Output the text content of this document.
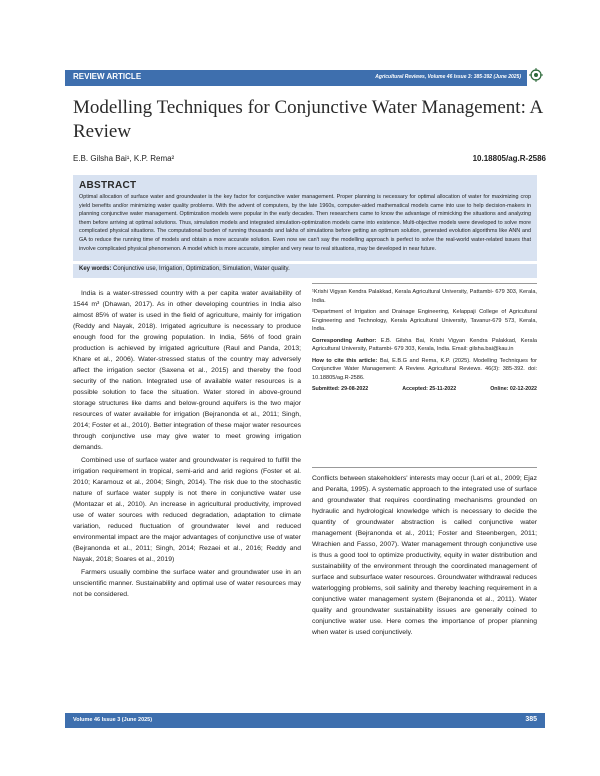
REVIEW ARTICLE	Agricultural Reviews, Volume 46 Issue 3: 385-392 (June 2025)
Modelling Techniques for Conjunctive Water Management: A Review
E.B. Gilsha Bai¹, K.P. Rema²	10.18805/ag.R-2586
ABSTRACT

Optimal allocation of surface water and groundwater is the key factor for conjunctive water management. Proper planning is necessary for optimal allocation of water for maximizing crop yield benefits and/or minimizing water quality problems. With the advent of computers, by the late 1960s, computer-aided mathematical models came into use to help decision-makers in planning conjunctive water management. Optimization models were popular in the early decades. Then researchers came to know the advantage of mimicking the situations and analyzing them before arriving at optimal solutions. Thus, simulation models and integrated simulation-optimization models came into existence. Multi-objective models were developed to solve more complicated physical situations. The computational burden of running thousands and lakhs of simulations before getting an optimum solution, generated evolution algorithms like ANN and GA to reduce the running time of models and obtain a more accurate solution. Even now we can't say the modelling approach is perfect to solve the real-world water-related issues that involve complicated physical phenomenon. A model which is more accurate, simpler and very near to real situations, may be developed in near future.

Key words: Conjunctive use, Irrigation, Optimization, Simulation, Water quality.

India is a water-stressed country with a per capita water availability of 1544 m³ (Dhawan, 2017). As in other developing countries in India also almost 85% of water is used in the field of agriculture, mainly for irrigation (Reddy and Nayak, 2018). Irrigated agriculture is necessary to produce enough food for the growing population. In India, 56% of food grain production is achieved by irrigated agriculture (Raul and Panda, 2013; Khare et al., 2006). Water-stressed status of the country may adversely affect the irrigation sector (Saxena et al., 2015) and thereby the food security of the nation. Integrated use of available water resources is a possible solution to face the situation. Water stored in above-ground storage structures like dams and below-ground aquifers is the two major resources of water available for irrigation (Bejranonda et al., 2011; Singh, 2014; Foster et al., 2010). Better integration of these major water resources through conjunctive use may give water to meet growing irrigation demands.

Combined use of surface water and groundwater is required to fulfill the irrigation requirement in tropical, semi-arid and arid regions (Foster et al. 2010; Karamouz et al., 2004; Singh, 2014). The risk due to the stochastic nature of surface water supply is not there in conjunctive water use (Montazar et al., 2010). An increase in agricultural productivity, improved use of water sources with reduced degradation, adaptation to climate variation, reduced fluctuation of groundwater level and reduced environmental impact are the major advantages of conjunctive use of water (Bejranonda et al., 2011; Singh, 2014; Rezaei et al., 2016; Reddy and Nayak, 2018; Soares et al., 2019)

Farmers usually combine the surface water and groundwater use in an unscientific manner. Sustainability and optimal use of water resources may not be considered.

¹Krishi Vigyan Kendra Palakkad, Kerala Agricultural University, Pattambi- 679 303, Kerala, India.

²Department of Irrigation and Drainage Engineering, Kelappaji College of Agricultural Engineering and Technology, Kerala Agricultural University, Tavanur-679 573, Kerala, India.

Corresponding Author: E.B. Gilsha Bai, Krishi Vigyan Kendra Palakkad, Kerala Agricultural University, Pattambi- 679 303, Kerala, India. Email: gilsha.bai@kau.in

How to cite this article: Bai, E.B.G and Rema, K.P. (2025). Modelling Techniques for Conjunctive Water Management: A Review. Agricultural Reviews. 46(3): 385-392. doi: 10.18805/ag.R-2586.

Submitted: 29-08-2022	Accepted: 25-11-2022	Online: 02-12-2022

Conflicts between stakeholders' interests may occur (Lari et al., 2009; Ejaz and Peralta, 1995). A systematic approach to the integrated use of surface and groundwater that requires coordinating mechanisms grounded on hydraulic and hydrological knowledge which is necessary to decide the quantity of groundwater abstraction is called conjunctive water management (Bejranonda et al., 2011; Foster and Steenbergen, 2011; Wrachien and Fasso, 2007). Water management through conjunctive use is thus a good tool to optimize productivity, equity in water distribution and sustainability of the environment through the coordinated management of surface and subsurface water resources. Groundwater withdrawal reduces waterlogging problems, soil salinity and thereby leaching requirement in a conjunctive water management system (Bejranonda et al., 2011). Water quality and groundwater sustainability issues are generally coined to conjunctive water use. Here comes the importance of proper planning when water is used conjunctively.

Volume 46 Issue 3 (June 2025)	385
